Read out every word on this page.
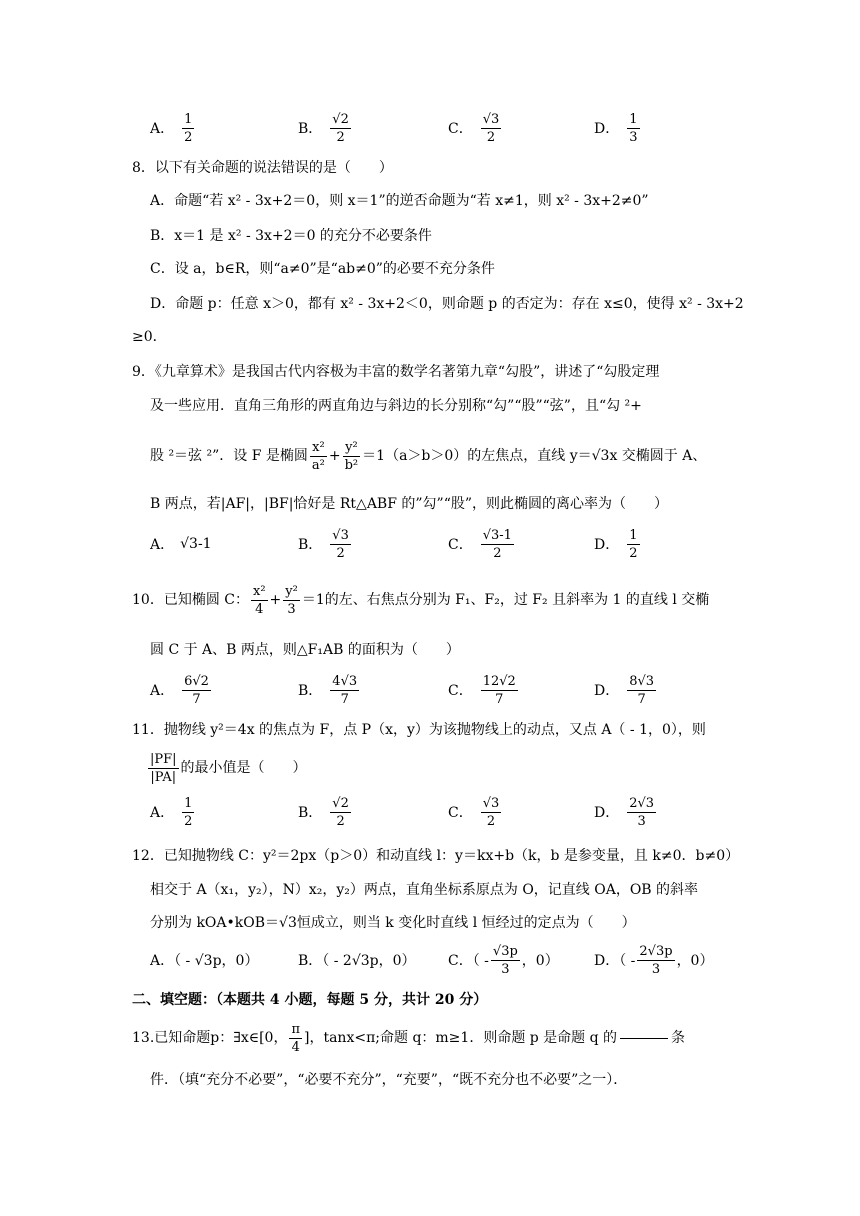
A． $\frac{1}{2}$	B． $\frac{√2}{2}$	C． $\frac{√3}{2}$	D． $\frac{1}{3}$
8．以下有关命题的说法错误的是（　　）
A．命题“若 x² - 3x+2＝0，则 x＝1”的逆否命题为“若 x≠1，则 x² - 3x+2≠0”
B．x＝1 是 x² - 3x+2＝0 的充分不必要条件
C．设 a，b∈R，则“a≠0”是“ab≠0”的必要不充分条件
D．命题 p：任意 x＞0，都有 x² - 3x+2＜0，则命题 p 的否定为：存在 x≤0，使得 x² - 3x+2
≥0．
9．《九章算术》是我国古代内容极为丰富的数学名著第九章“勾股”，讲述了“勾股定理
及一些应用．直角三角形的两直角边与斜边的长分别称“勾”“股”“弦”，且“勾 ²+
股 ²＝弦 ²”．设 F 是椭圆 $\frac{\text{x²}}{\text{a²}} + \frac{\text{y²}}{\text{b²}} =1(a>b>0)$的左焦点，直线 y＝√3x 交椭圆于 A、
B 两点，若|AF|，|BF|恰好是 Rt△ABF 的”勾”“股”，则此椭圆的离心率为（　　）
A． √3-1	B． $\frac{√3}{2}$	C． $\frac{√3-1}{2}$	D． $\frac{1}{2}$
10．已知椭圆 C： $\frac{\text{x²}}{4} + \frac{\text{y²}}{3} =1$的左、右焦点分别为 F₁、F₂，过 F₂ 且斜率为 1 的直线 l 交椭
圆 C 于 A、B 两点，则△F₁AB 的面积为（　　）
A． $\frac{6√2}{7}$	B． $\frac{4√3}{7}$	C． $\frac{12√2}{7}$	D． $\frac{8√3}{7}$
11．抛物线 y²＝4x 的焦点为 F，点 P（x，y）为该抛物线上的动点，又点 A（ - 1，0），则
$\frac{|PF|}{|PA|}$ 的最小值是（　　）
A． $\frac{1}{2}$	B． $\frac{√2}{2}$	C． $\frac{√3}{2}$	D． $\frac{2√3}{3}$
12．已知抛物线 C：y²＝2px（p＞0）和动直线 l：y＝kx+b（k，b 是参变量，且 k≠0．b≠0）
相交于 A（x₁，y₂），N）x₂，y₂）两点，直角坐标系原点为 O，记直线 OA，OB 的斜率
分别为 kOA•kOB＝√3恒成立，则当 k 变化时直线 l 恒经过的定点为（　　）
A．（ - √3p，0）	B．（ - 2√3p，0） C．（ - $\frac{√3p}{3}$ ，0）	D．（ - $\frac{2√3p}{3}$ ，0）
二、填空题：（本题共 4 小题，每题 5 分，共计 20 分）
13.已知命题p：∃x∈[0， $\frac{\pi}{4}$ ]，tanx<π;命题 q：m≥1．则命题 p 是命题 q 的	条
件．（填“充分不必要”，“必要不充分”，“充要”，“既不充分也不必要”之一）．
